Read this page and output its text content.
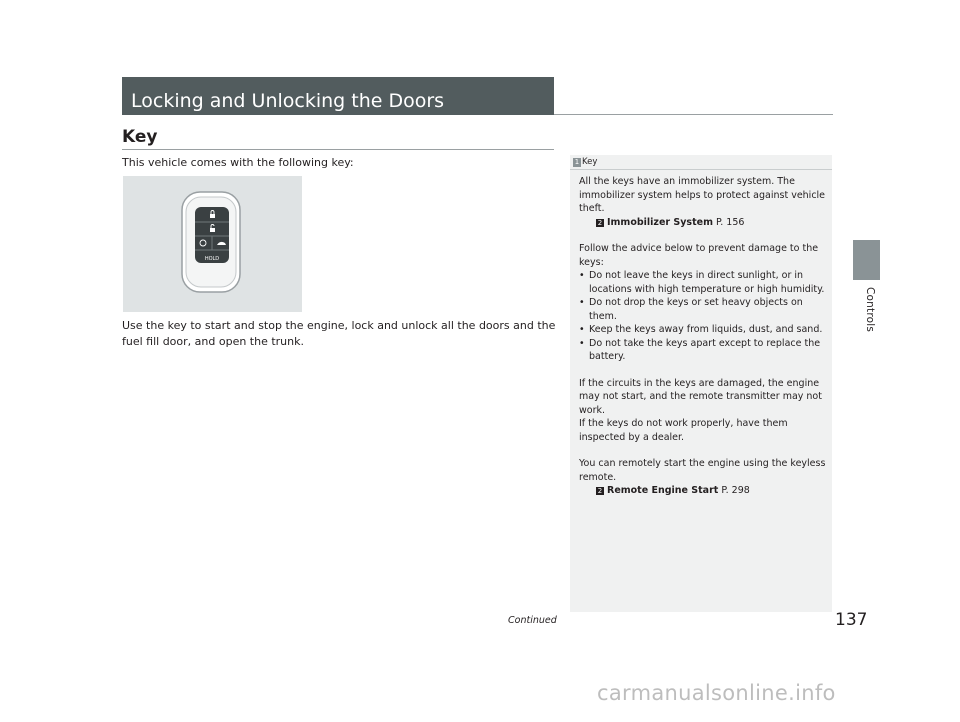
Locking and Unlocking the Doors
Key
This vehicle comes with the following key:
HOLD

Use the key to start and stop the engine, lock and unlock all the doors and the fuel fill door, and open the trunk.

1 Key

All the keys have an immobilizer system. The immobilizer system helps to protect against vehicle theft.

2 Immobilizer System P. 156

Follow the advice below to prevent damage to the keys:

• Do not leave the keys in direct sunlight, or in locations with high temperature or high humidity.
• Do not drop the keys or set heavy objects on them.
• Keep the keys away from liquids, dust, and sand.
• Do not take the keys apart except to replace the battery.

If the circuits in the keys are damaged, the engine may not start, and the remote transmitter may not work.

If the keys do not work properly, have them inspected by a dealer.

You can remotely start the engine using the keyless remote.

2 Remote Engine Start P. 298

Controls
Continued	137
carmanualsonline.info
